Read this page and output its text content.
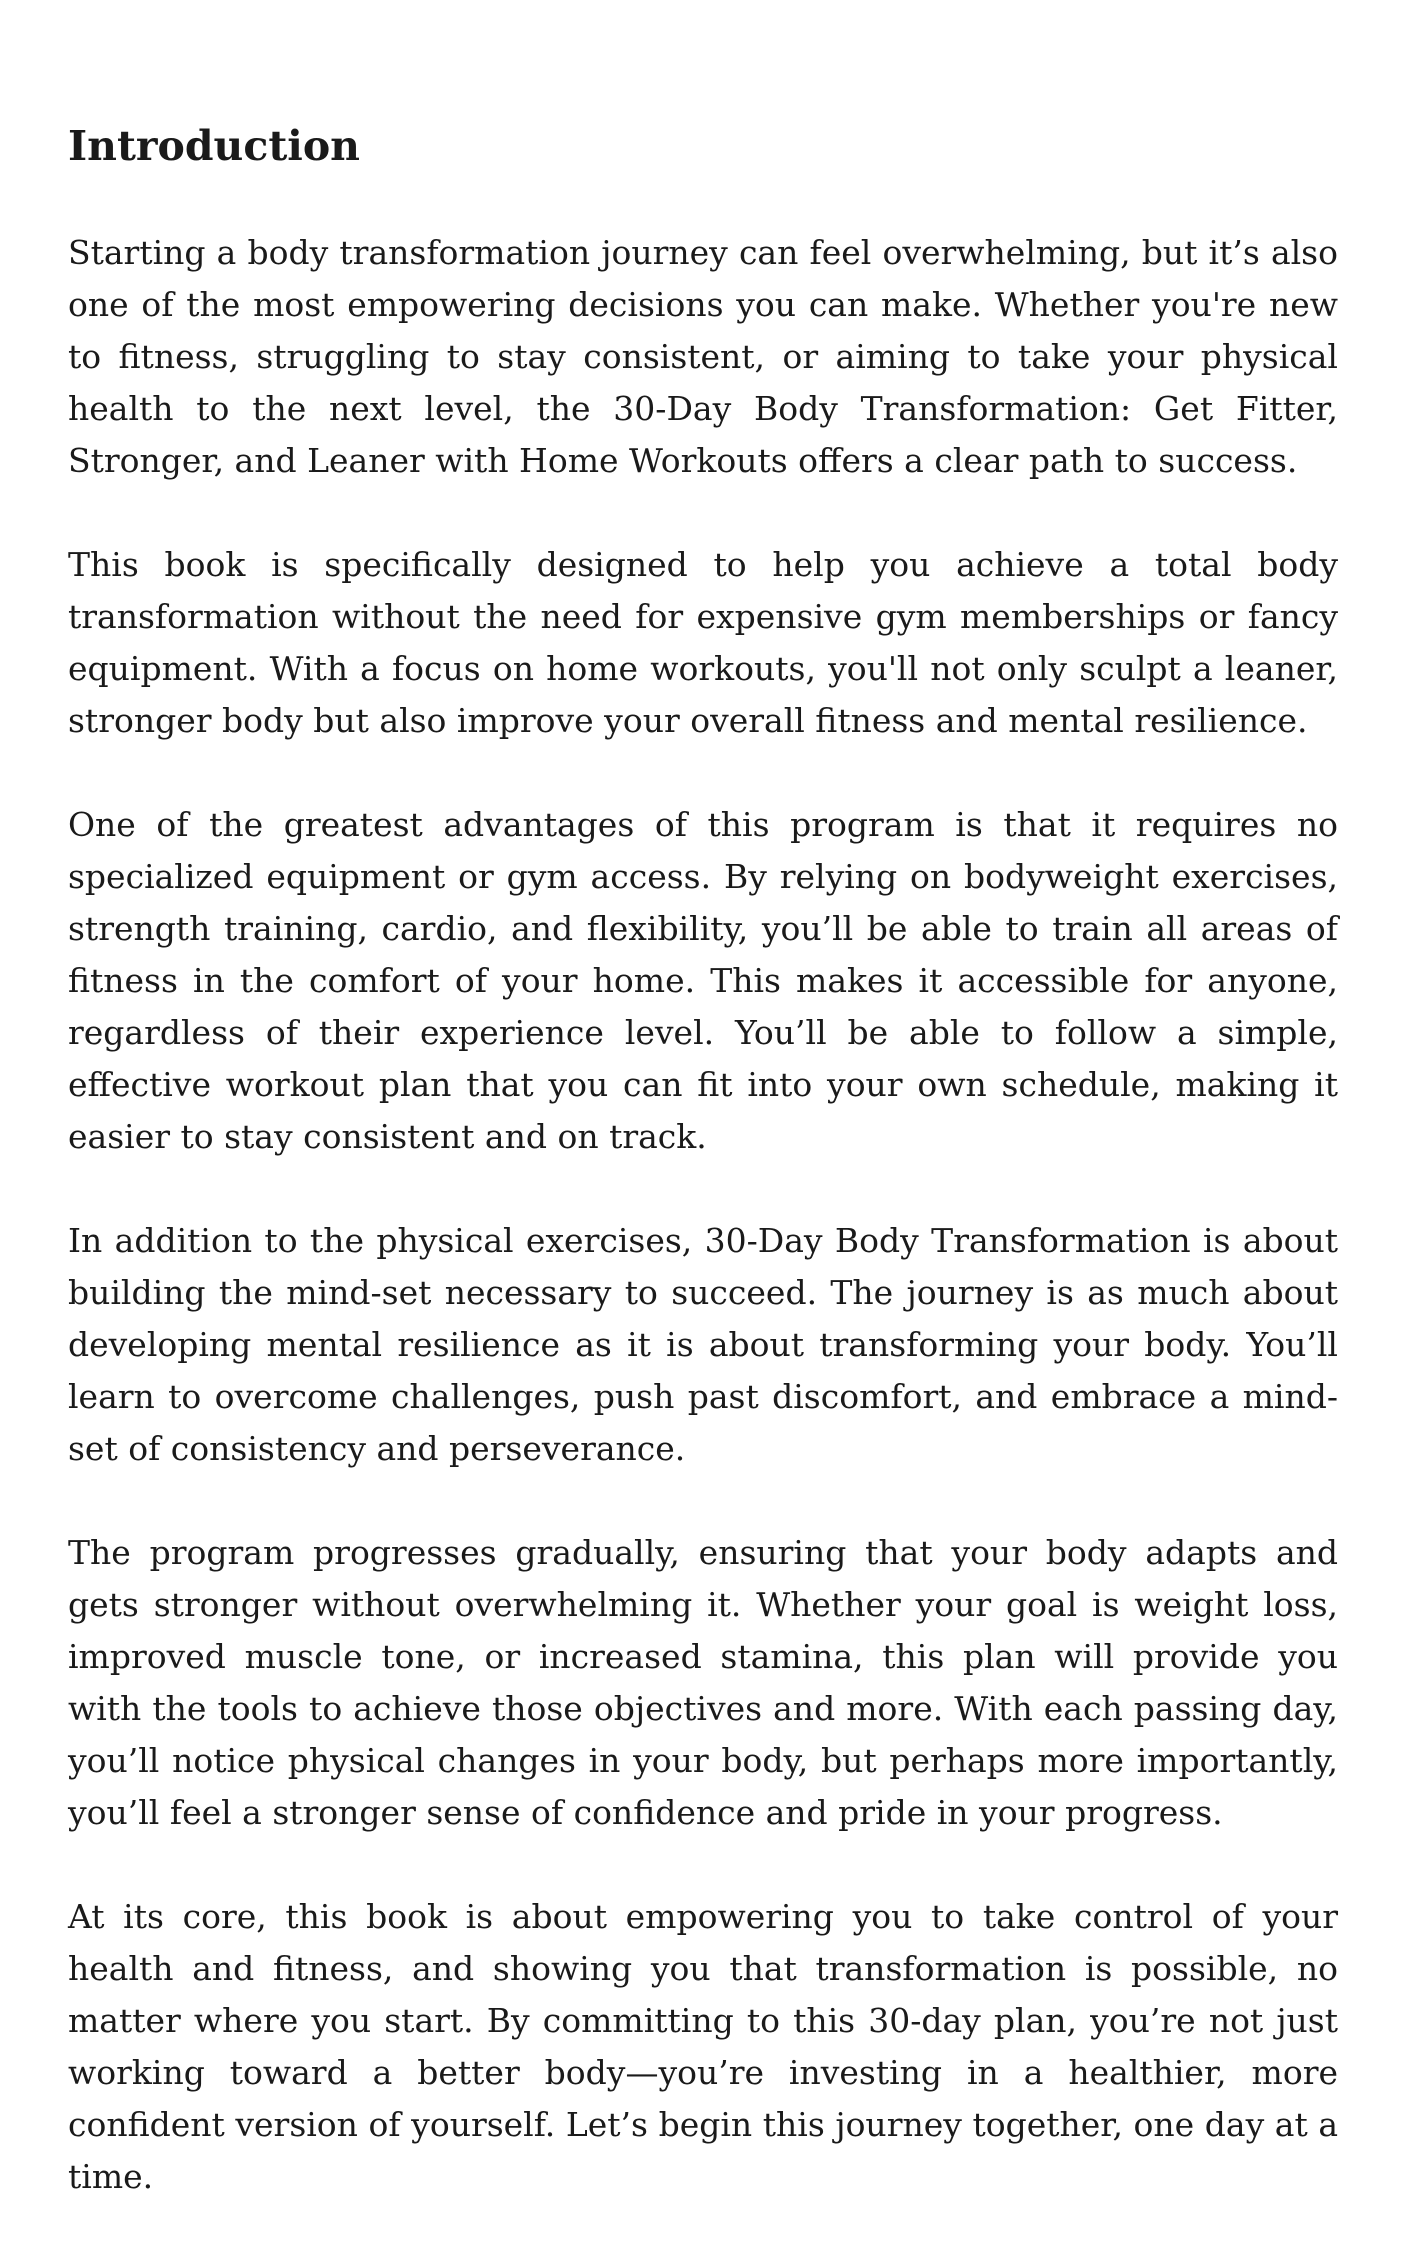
Introduction

Starting a body transformation journey can feel overwhelming, but it’s also one of the most empowering decisions you can make. Whether you're new to fitness, struggling to stay consistent, or aiming to take your physical health to the next level, the 30-Day Body Transformation: Get Fitter, Stronger, and Leaner with Home Workouts offers a clear path to success.

This book is specifically designed to help you achieve a total body transformation without the need for expensive gym memberships or fancy equipment. With a focus on home workouts, you'll not only sculpt a leaner, stronger body but also improve your overall fitness and mental resilience.

One of the greatest advantages of this program is that it requires no specialized equipment or gym access. By relying on bodyweight exercises, strength training, cardio, and flexibility, you’ll be able to train all areas of fitness in the comfort of your home. This makes it accessible for anyone, regardless of their experience level. You’ll be able to follow a simple, effective workout plan that you can fit into your own schedule, making it easier to stay consistent and on track.

In addition to the physical exercises, 30-Day Body Transformation is about building the mind-set necessary to succeed. The journey is as much about developing mental resilience as it is about transforming your body. You’ll learn to overcome challenges, push past discomfort, and embrace a mind-set of consistency and perseverance.

The program progresses gradually, ensuring that your body adapts and gets stronger without overwhelming it. Whether your goal is weight loss, improved muscle tone, or increased stamina, this plan will provide you with the tools to achieve those objectives and more. With each passing day, you’ll notice physical changes in your body, but perhaps more importantly, you’ll feel a stronger sense of confidence and pride in your progress.

At its core, this book is about empowering you to take control of your health and fitness, and showing you that transformation is possible, no matter where you start. By committing to this 30-day plan, you’re not just working toward a better body—you’re investing in a healthier, more confident version of yourself. Let’s begin this journey together, one day at a time.
